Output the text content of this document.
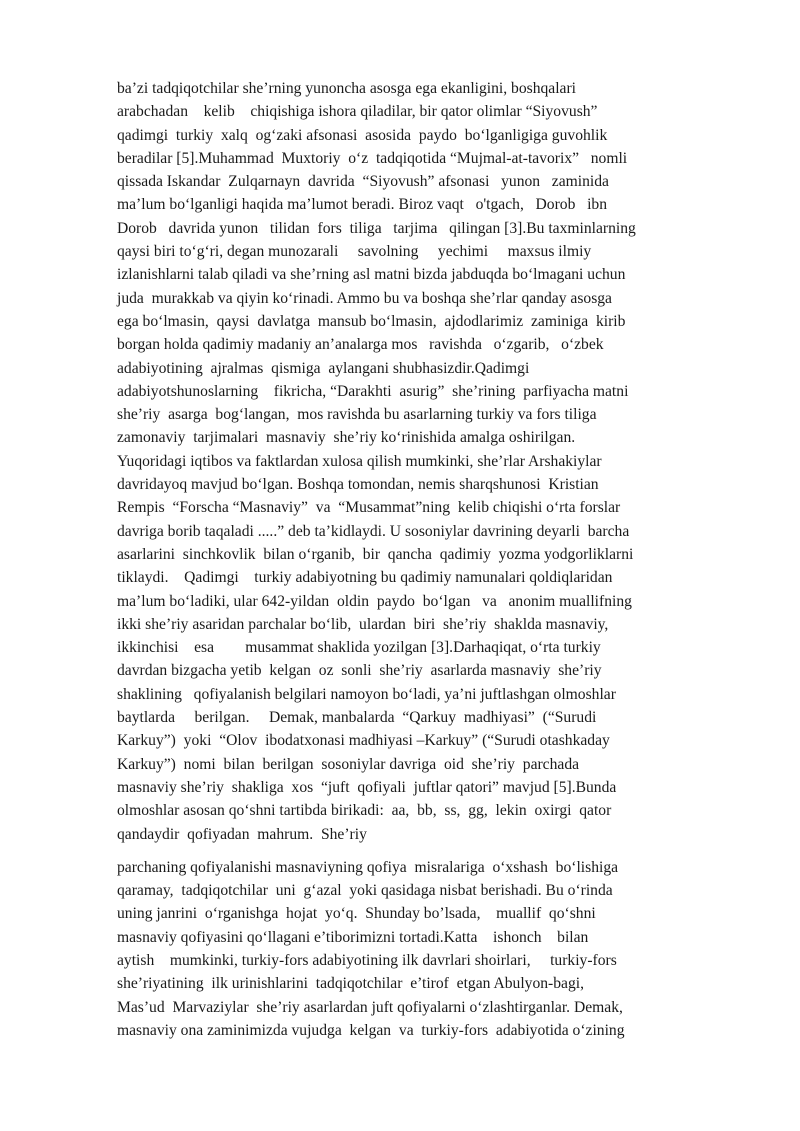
ba’zi tadqiqotchilar she’rning yunoncha asosga ega ekanligini, boshqalari
arabchadan    kelib    chiqishiga ishora qiladilar, bir qator olimlar “Siyovush”
qadimgi  turkiy  xalq  og‘zaki afsonasi  asosida  paydo  bo‘lganligiga guvohlik
beradilar [5].Muhammad  Muxtoriy  o‘z  tadqiqotida “Mujmal-at-tavorix”   nomli
qissada Iskandar  Zulqarnayn  davrida  “Siyovush” afsonasi   yunon   zaminida
ma’lum bo‘lganligi haqida ma’lumot beradi. Biroz vaqt   o'tgach,   Dorob   ibn
Dorob   davrida yunon   tilidan  fors  tiliga   tarjima   qilingan [3].Bu taxminlarning
qaysi biri to‘g‘ri, degan munozarali     savolning     yechimi     maxsus ilmiy
izlanishlarni talab qiladi va she’rning asl matni bizda jabduqda bo‘lmagani uchun
juda  murakkab va qiyin ko‘rinadi. Ammo bu va boshqa she’rlar qanday asosga
ega bo‘lmasin,  qaysi  davlatga  mansub bo‘lmasin,  ajdodlarimiz  zaminiga  kirib
borgan holda qadimiy madaniy an’analarga mos   ravishda   o‘zgarib,   o‘zbek
adabiyotining  ajralmas  qismiga  aylangani shubhasizdir.Qadimgi
adabiyotshunoslarning    fikricha, “Darakhti  asurig”  she’rining  parfiyacha matni
she’riy  asarga  bog‘langan,  mos ravishda bu asarlarning turkiy va fors tiliga
zamonaviy  tarjimalari  masnaviy  she’riy ko‘rinishida amalga oshirilgan.
Yuqoridagi iqtibos va faktlardan xulosa qilish mumkinki, she’rlar Arshakiylar
davridayoq mavjud bo‘lgan. Boshqa tomondan, nemis sharqshunosi  Kristian
Rempis  “Forscha “Masnaviy”  va  “Musammat”ning  kelib chiqishi o‘rta forslar
davriga borib taqaladi .....” deb ta’kidlaydi. U sosoniylar davrining deyarli  barcha
asarlarini  sinchkovlik  bilan o‘rganib,  bir  qancha  qadimiy  yozma yodgorliklarni
tiklaydi.    Qadimgi    turkiy adabiyotning bu qadimiy namunalari qoldiqlaridan
ma’lum bo‘ladiki, ular 642-yildan  oldin  paydo  bo‘lgan   va   anonim muallifning
ikki she’riy asaridan parchalar bo‘lib,  ulardan  biri  she’riy  shaklda masnaviy,
ikkinchisi    esa        musammat shaklida yozilgan [3].Darhaqiqat, o‘rta turkiy
davrdan bizgacha yetib  kelgan  oz  sonli  she’riy  asarlarda masnaviy  she’riy
shaklining   qofiyalanish belgilari namoyon bo‘ladi, ya’ni juftlashgan olmoshlar
baytlarda     berilgan.     Demak, manbalarda  “Qarkuy  madhiyasi”  (“Surudi
Karkuy”)  yoki  “Olov  ibodatxonasi madhiyasi –Karkuy” (“Surudi otashkaday
Karkuy”)  nomi  bilan  berilgan  sosoniylar davriga  oid  she’riy  parchada
masnaviy she’riy  shakliga  xos  “juft  qofiyali  juftlar qatori” mavjud [5].Bunda
olmoshlar asosan qo‘shni tartibda birikadi:  aa,  bb,  ss,  gg,  lekin  oxirgi  qator
qandaydir  qofiyadan  mahrum.  She’riy
parchaning qofiyalanishi masnaviyning qofiya  misralariga  o‘xshash  bo‘lishiga
qaramay,  tadqiqotchilar  uni  g‘azal  yoki qasidaga nisbat berishadi. Bu o‘rinda
uning janrini  o‘rganishga  hojat  yo‘q.  Shunday bo’lsada,    muallif  qo‘shni
masnaviy qofiyasini qo‘llagani e’tiborimizni tortadi.Katta    ishonch    bilan
aytish    mumkinki, turkiy-fors adabiyotining ilk davrlari shoirlari,     turkiy-fors
she’riyatining  ilk urinishlarini  tadqiqotchilar  e’tirof  etgan Abulyon-bagi,
Mas’ud  Marvaziylar  she’riy asarlardan juft qofiyalarni o‘zlashtirganlar. Demak,
masnaviy ona zaminimizda vujudga  kelgan  va  turkiy-fors  adabiyotida o‘zining
